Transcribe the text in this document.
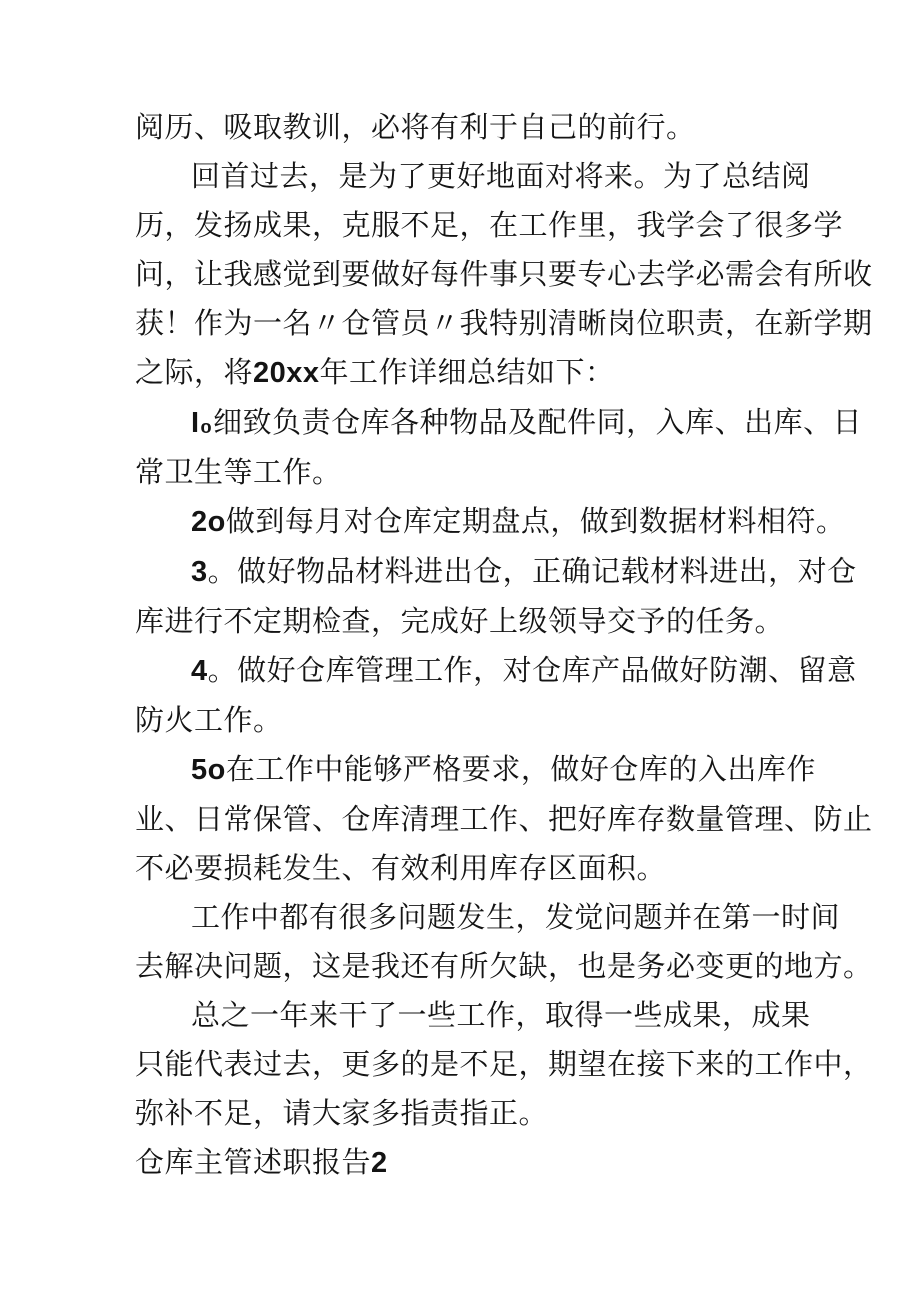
阅历、吸取教训，必将有利于自己的前行。

回首过去，是为了更好地面对将来。为了总结阅

历，发扬成果，克服不足，在工作里，我学会了很多学

问，让我感觉到要做好每件事只要专心去学必需会有所收

获！作为一名〃仓管员〃我特别清晰岗位职责，在新学期

之际，将20xx年工作详细总结如下：

I₀细致负责仓库各种物品及配件同，入库、出库、日

常卫生等工作。

2o做到每月对仓库定期盘点，做到数据材料相符。

3。做好物品材料进出仓，正确记载材料进出，对仓

库进行不定期检查，完成好上级领导交予的任务。

4。做好仓库管理工作，对仓库产品做好防潮、留意

防火工作。

5o在工作中能够严格要求，做好仓库的入出库作

业、日常保管、仓库清理工作、把好库存数量管理、防止

不必要损耗发生、有效利用库存区面积。

工作中都有很多问题发生，发觉问题并在第一时间

去解决问题，这是我还有所欠缺，也是务必变更的地方。

总之一年来干了一些工作，取得一些成果，成果

只能代表过去，更多的是不足，期望在接下来的工作中，

弥补不足，请大家多指责指正。

仓库主管述职报告2
